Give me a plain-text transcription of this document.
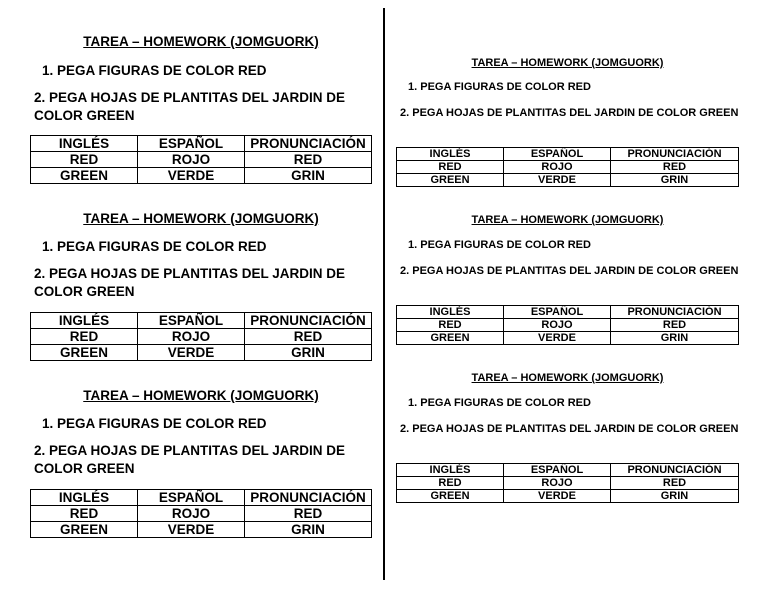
TAREA – HOMEWORK (JOMGUORK)
1. PEGA FIGURAS DE COLOR RED
2. PEGA HOJAS DE PLANTITAS DEL JARDIN DE COLOR GREEN
INGLÉS	ESPAÑOL	PRONUNCIACIÓN
RED	ROJO	RED
GREEN	VERDE	GRIN
TAREA – HOMEWORK (JOMGUORK)
1. PEGA FIGURAS DE COLOR RED
2. PEGA HOJAS DE PLANTITAS DEL JARDIN DE COLOR GREEN
INGLÉS	ESPAÑOL	PRONUNCIACIÓN
RED	ROJO	RED
GREEN	VERDE	GRIN
TAREA – HOMEWORK (JOMGUORK)
1. PEGA FIGURAS DE COLOR RED
2. PEGA HOJAS DE PLANTITAS DEL JARDIN DE COLOR GREEN
INGLÉS	ESPAÑOL	PRONUNCIACIÓN
RED	ROJO	RED
GREEN	VERDE	GRIN
TAREA – HOMEWORK (JOMGUORK)
1. PEGA FIGURAS DE COLOR RED
2. PEGA HOJAS DE PLANTITAS DEL JARDIN DE COLOR GREEN
INGLÉS	ESPAÑOL	PRONUNCIACIÓN
RED	ROJO	RED
GREEN	VERDE	GRIN
TAREA – HOMEWORK (JOMGUORK)
1. PEGA FIGURAS DE COLOR RED
2. PEGA HOJAS DE PLANTITAS DEL JARDIN DE COLOR GREEN
INGLÉS	ESPAÑOL	PRONUNCIACIÓN
RED	ROJO	RED
GREEN	VERDE	GRIN
TAREA – HOMEWORK (JOMGUORK)
1. PEGA FIGURAS DE COLOR RED
2. PEGA HOJAS DE PLANTITAS DEL JARDIN DE COLOR GREEN
INGLÉS	ESPAÑOL	PRONUNCIACIÓN
RED	ROJO	RED
GREEN	VERDE	GRIN
